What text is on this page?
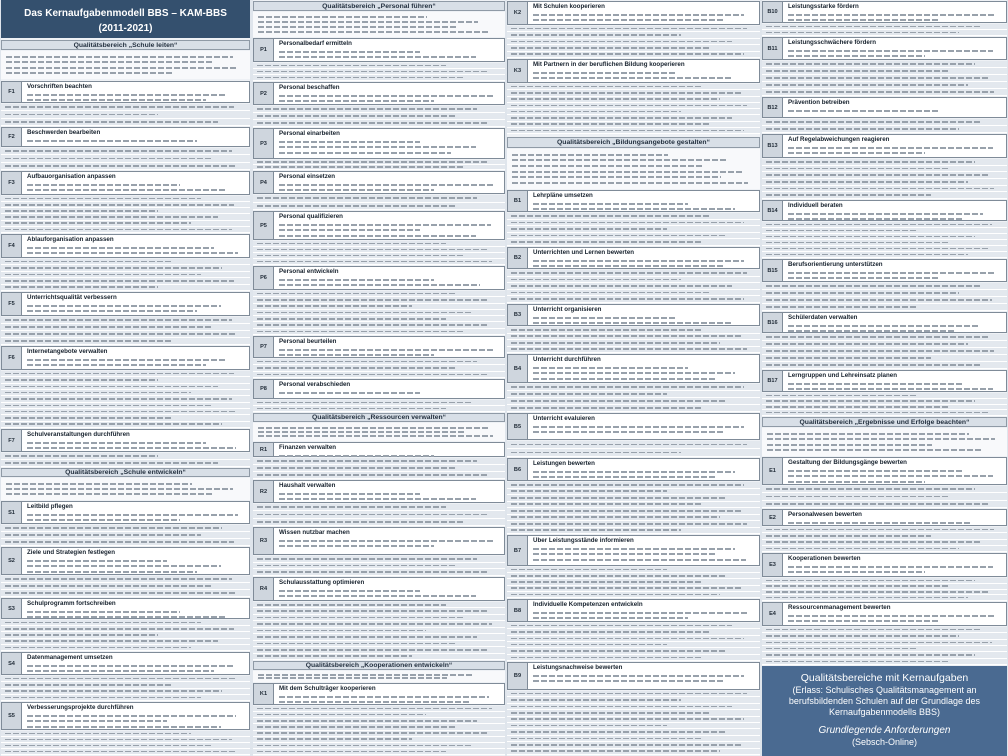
Das Kernaufgabenmodell BBS – KAM-BBS
(2011-2021)
Qualitätsbereich „Schule leiten“
F1
Vorschriften beachten
F2
Beschwerden bearbeiten
F3
Aufbauorganisation anpassen
F4
Ablauforganisation anpassen
F5
Unterrichtsqualität verbessern
F6
Internetangebote verwalten
F7
Schulveranstaltungen durchführen
Qualitätsbereich „Schule entwickeln“
S1
Leitbild pflegen
S2
Ziele und Strategien festlegen
S3
Schulprogramm fortschreiben
S4
Datenmanagement umsetzen
S5
Verbesserungsprojekte durchführen
Qualitätsbereich „Personal führen“
P1
Personalbedarf ermitteln
P2
Personal beschaffen
P3
Personal einarbeiten
P4
Personal einsetzen
P5
Personal qualifizieren
P6
Personal entwickeln
P7
Personal beurteilen
P8
Personal verabschieden
Qualitätsbereich „Ressourcen verwalten“
R1	Finanzen verwalten
R2
Haushalt verwalten
R3
Wissen nutzbar machen
R4
Schulausstattung optimieren
Qualitätsbereich „Kooperationen entwickeln“
K1
Mit dem Schulträger kooperieren
K2
Mit Schulen kooperieren
K3
Mit Partnern in der beruflichen Bildung kooperieren
Qualitätsbereich „Bildungsangebote gestalten“
B1
Lehrpläne umsetzen
B2
Unterrichten und Lernen bewerten
B3
Unterricht organisieren
B4
Unterricht durchführen
B5
Unterricht evaluieren
B6
Leistungen bewerten
B7
Über Leistungsstände informieren
B8
Individuelle Kompetenzen entwickeln
B9
Leistungsnachweise bewerten
B10
Leistungsstarke fördern
B11
Leistungsschwächere fördern
B12
Prävention betreiben
B13
Auf Regelabweichungen reagieren
B14
Individuell beraten
B15
Berufsorientierung unterstützen
B16
Schülerdaten verwalten
B17
Lerngruppen und Lehreinsatz planen
Qualitätsbereich „Ergebnisse und Erfolge beachten“
E1
Gestaltung der Bildungsgänge bewerten
E2	Personalwesen bewerten
E3
Kooperationen bewerten
E4
Ressourcenmanagement bewerten
Qualitätsbereiche mit Kernaufgaben
(Erlass: Schulisches Qualitätsmanagement an
berufsbildenden Schulen auf der Grundlage des
Kernaufgabenmodells BBS)
Grundlegende Anforderungen
(Sebsch-Online)
